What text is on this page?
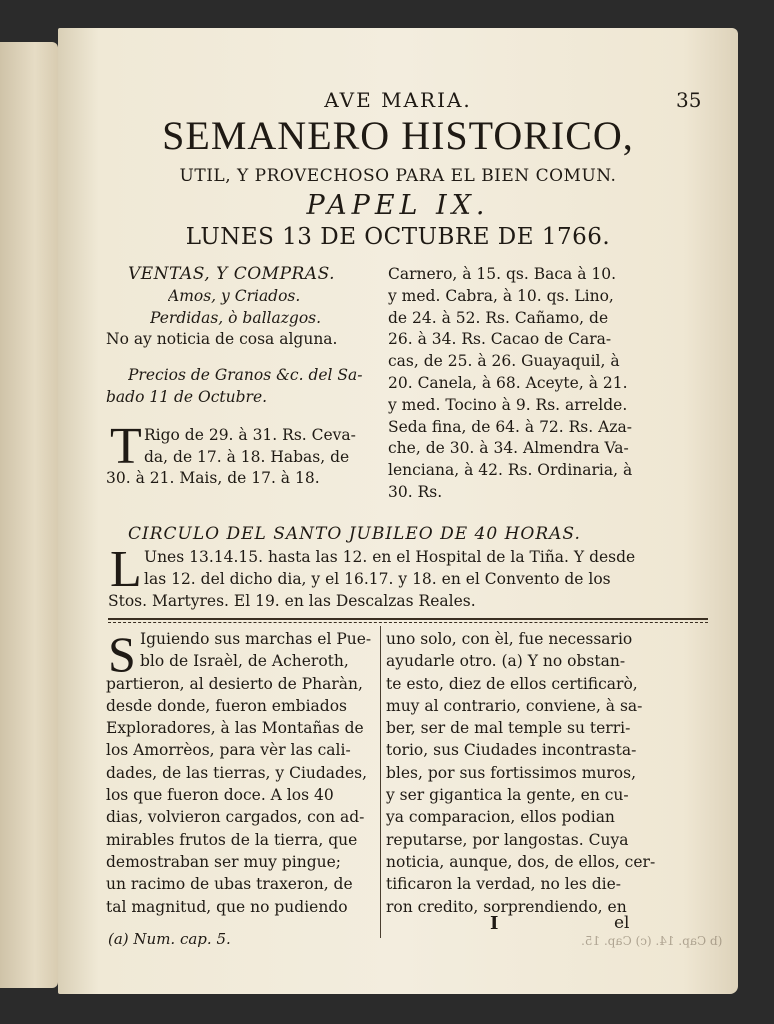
AVE MARIA.	35
SEMANERO HISTORICO,
UTIL, Y PROVECHOSO PARA EL BIEN COMUN.
PAPEL IX.
LUNES 13 DE OCTUBRE DE 1766.
VENTAS, Y COMPRAS.
Amos, y Criados.
Perdidas, ò ballazgos.
No ay noticia de cosa alguna.
Precios de Granos &c. del Sa-
bado 11 de Octubre.
T Rigo de 29. à 31. Rs. Ceva-
da, de 17. à 18. Habas, de
30. à 21. Mais, de 17. à 18.
Carnero, à 15. qs. Baca à 10.
y med. Cabra, à 10. qs. Lino,
de 24. à 52. Rs. Cañamo, de
26. à 34. Rs. Cacao de Cara-
cas, de 25. à 26. Guayaquil, à
20. Canela, à 68. Aceyte, à 21.
y med. Tocino à 9. Rs. arrelde.
Seda fina, de 64. à 72. Rs. Aza-
che, de 30. à 34. Almendra Va-
lenciana, à 42. Rs. Ordinaria, à
30. Rs.
CIRCULO DEL SANTO JUBILEO DE 40 HORAS.
L Unes 13.14.15. hasta las 12. en el Hospital de la Tiña. Y desde
las 12. del dicho dia, y el 16.17. y 18. en el Convento de los
Stos. Martyres. El 19. en las Descalzas Reales.
S Iguiendo sus marchas el Pue-
blo de Israèl, de Acheroth,
partieron, al desierto de Pharàn,
desde donde, fueron embiados
Exploradores, à las Montañas de
los Amorrèos, para vèr las cali-
dades, de las tierras, y Ciudades,
los que fueron doce. A los 40
dias, volvieron cargados, con ad-
mirables frutos de la tierra, que
demostraban ser muy pingue;
un racimo de ubas traxeron, de
tal magnitud, que no pudiendo
uno solo, con èl, fue necessario
ayudarle otro. (a) Y no obstan-
te esto, diez de ellos certificarò,
muy al contrario, conviene, à sa-
ber, ser de mal temple su terri-
torio, sus Ciudades incontrasta-
bles, por sus fortissimos muros,
y ser gigantica la gente, en cu-
ya comparacion, ellos podian
reputarse, por langostas. Cuya
noticia, aunque, dos, de ellos, cer-
tificaron la verdad, no les die-
ron credito, sorprendiendo, en
(a) Num. cap. 5.
I	el
(b Cap. 14. (c) Cap. 15.
